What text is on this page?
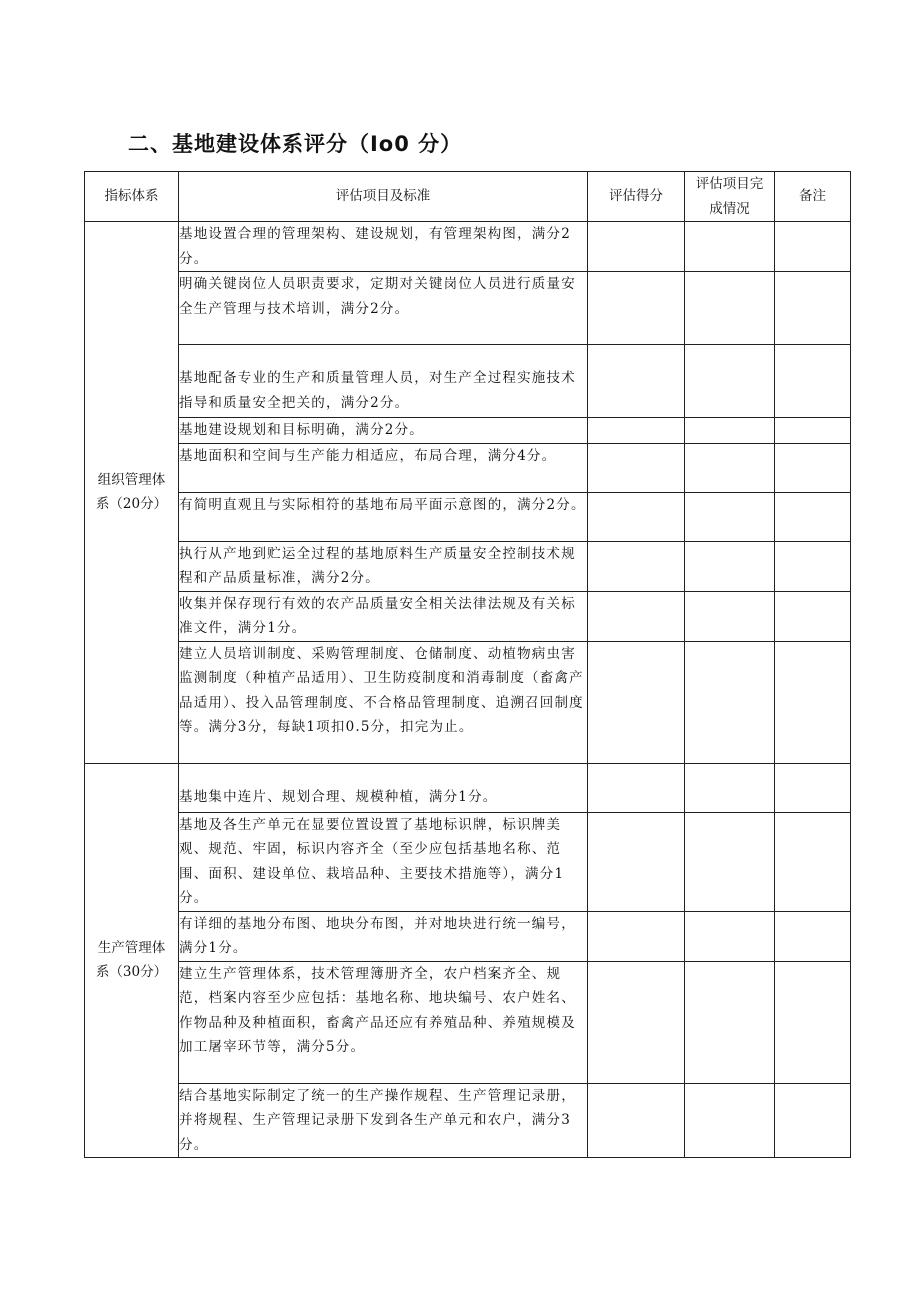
二、基地建设体系评分（Io0 分）
指标体系	评估项目及标准	评估得分	评估项目完成情况	备注

组织管理体系（20分）	基地设置合理的管理架构、建设规划，有管理架构图，满分2分。			
	明确关键岗位人员职责要求，定期对关键岗位人员进行质量安全生产管理与技术培训，满分2分。			
	基地配备专业的生产和质量管理人员，对生产全过程实施技术指导和质量安全把关的，满分2分。			
	基地建设规划和目标明确，满分2分。			
	基地面积和空间与生产能力相适应，布局合理，满分4分。			
	有简明直观且与实际相符的基地布局平面示意图的，满分2分。			
	执行从产地到贮运全过程的基地原料生产质量安全控制技术规程和产品质量标准，满分2分。			
	收集并保存现行有效的农产品质量安全相关法律法规及有关标准文件，满分1分。			
	建立人员培训制度、采购管理制度、仓储制度、动植物病虫害监测制度（种植产品适用）、卫生防疫制度和消毒制度（畜禽产品适用）、投入品管理制度、不合格品管理制度、追溯召回制度等。满分3分，每缺1项扣0.5分，扣完为止。			

生产管理体系（30分）	基地集中连片、规划合理、规模种植，满分1分。			
	基地及各生产单元在显要位置设置了基地标识牌，标识牌美观、规范、牢固，标识内容齐全（至少应包括基地名称、范围、面积、建设单位、栽培品种、主要技术措施等），满分1分。			
	有详细的基地分布图、地块分布图，并对地块进行统一编号，满分1分。			
	建立生产管理体系，技术管理簿册齐全，农户档案齐全、规范，档案内容至少应包括：基地名称、地块编号、农户姓名、作物品种及种植面积，畜禽产品还应有养殖品种、养殖规模及加工屠宰环节等，满分5分。			
	结合基地实际制定了统一的生产操作规程、生产管理记录册，并将规程、生产管理记录册下发到各生产单元和农户，满分3分。			
